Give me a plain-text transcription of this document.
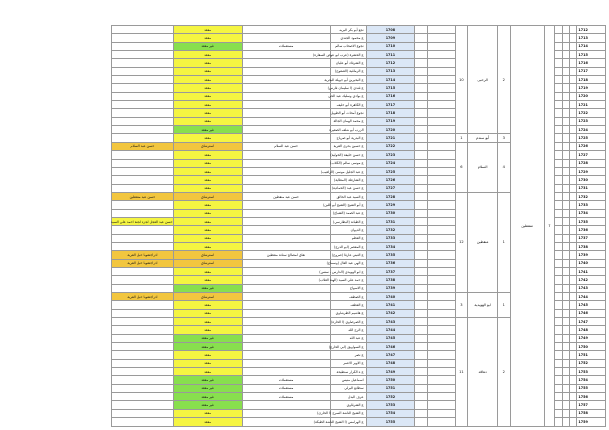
1712				7	منقطين	2	الرحبى	10			1708	نجع أبو بكر البريه		معقد	
1713											1709	ع محمود الجندي		معقد	
1714											1710	نجوع الاصحاب سالم	مستعملات	غير معقد	
1715											1711	ع الحشرة (عرب ابو عوض السقارة)		معقد	
1716											1712	ع الشرفاء أبو عليان		معقد	
1717											1713	ع الرماقية (الصفوح)		معقد	
1718											1714	ع البحيرين أبو جويلة البحرية		معقد	
1719											1715	ع قندي (ا سليمان فارس)		معقد	
1720											1716	ع بوادي وسليك عبد الحي		معقد	
1721											1717	ع الكاهرة أبو خليف		معقد	
1722											1718	نجوع أمحات أبو الطويل		معقد	
1723											1719	ع محمد الهمان الجالة		معقد	
1724											1720	الزرب أبو شلف الصغيرة		غير معقد	
1725						3	أبو سندم	1			1721	ع البدرية أبو صرياح		معقد	
1726						4	السلام	6			1722	ع حسين بحرى القرية	حسن عبد السلام	استرشاق	حسن عبد السلام
1727											1723	ع حسن خليفة (الخولية)		معقد	
1728											1724	ع موسى سالم (الكلاب)		معقد	
1729											1725	ع عبد الجليل موسى (الزلغيب)		معقد	
1730											1726	ع الشارطة (المطاية)		معقد	
1731											1727	ع حسن عبد (الحمادية)		معقد	
1732						1	منقطين	12			1728	ع السيد عبد الخالق	حسن عبد منقطين	استرشاق	حسن عبد منقطين
1733											1729	ع أبو الشيخ (الشيخ أبو اللبن)		معقد	
1734											1730	ع عبد الصمد (الشباح)		معقد	
1735											1731	ع الطبانة (البطارسي)		معقد	حسن عبد العجل لجزء لجنة احمد علي السيد
1736											1732	ع الديوان		معقد	
1737											1733	ع العظم		معقد	
1738											1734	ع المعصر (ابو الدرج)		معقد	
1739											1735	ع التبني عارفا (صروح)	نقاق لمصالح سنانة منقطين	استرشاق	ادراجشوبا حبل القرية
1740											1736	ع الهي عبد العال (وسماح)		استرشاق	ادراجشوبا حبل القرية
1741											1737	ع ابو الهويدي (الدارس - سنس)		معقد	
1742											1738	ع حمد علي السيد (الهبة الغلاب)		معقد	
1743											1739	ع الاسواح		غير معقد	
1744						1	ابو الهويدية	3			1740	ع الصطف		استرشاق	ادراجشوبا حبل القرية
1745											1741	ع العطف		معقد	
1746											1742	ع هاشيم الطرشاوي		معقد	
1747						2	دهاقد	11			1743	ع الصرصاوي (ا الحارة)		معقد	
1748											1744	ع الرح الله		معقد	
1749											1745	ع عبد الله		غير معقد	
1750											1746	ع السواويق (ابي الحارع)		غير معقد	
1751											1747	ع نصر		معقد	
1752											1748	ع الاوير الاعمر		معقد	
1753											1749	ع ه الكرار سنطيحة		معقد	
1754											1750	اسماعيل منيس	مستعملات	غير معقد	
1755											1751	سطانع البرلي	مستعملات	غير معقد	
1756											1752	عرف البدل	مستعملات	غير معقد	
1757											1753	ع الشرقاوي		غير معقد	
1758											1754	ع الشيخ الناشة السرح (ا الحارى)		معقد	
1759											1755	ع الهرامس (ا الشيخ الناشة الطبكة)		معقد	
